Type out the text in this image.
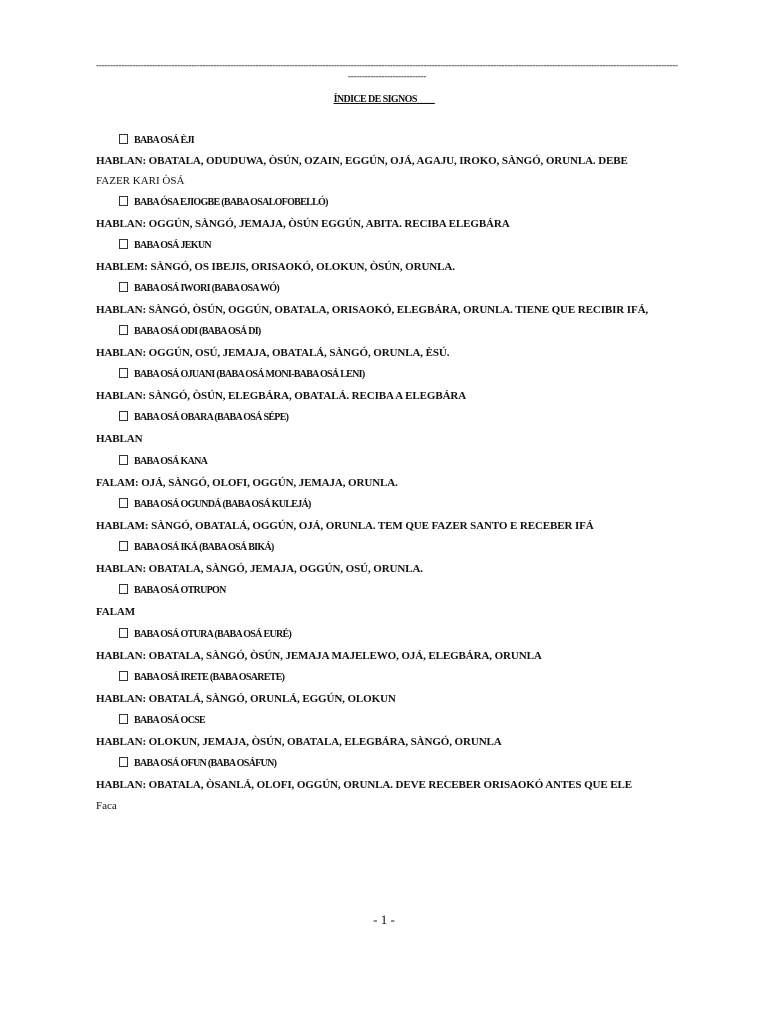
--------------------------------------------------------------------------------------------------------------------------------------------------------------------------------------------------------------------------------------------
ÍNDICE DE SIGNOS____
BABA OSÁ ÈJI
HABLAN: OBATALA, ODUDUWA, ÒSÚN, OZAIN, EGGÚN, OJÁ, AGAJU, IROKO, SÀNGÓ, ORUNLA. DEBE
FAZER KARI ÒSÁ
BABA ÓSA EJIOGBE (BABA OSALOFOBELLÓ)
HABLAN: OGGÚN, SÀNGÓ, JEMAJA, ÒSÚN EGGÚN, ABITA. RECIBA ELEGBÁRA
BABA OSÁ JEKUN
HABLEM: SÀNGÓ, OS IBEJIS, ORISAOKÓ, OLOKUN, ÒSÚN, ORUNLA.
BABA OSÁ IWORI (BABA OSA WÓ)
HABLAN: SÀNGÓ, ÒSÚN, OGGÚN, OBATALA, ORISAOKÓ, ELEGBÁRA, ORUNLA. TIENE QUE RECIBIR IFÁ,
BABA OSÁ ODI (BABA OSÁ DI)
HABLAN: OGGÚN, OSÚ, JEMAJA, OBATALÁ, SÀNGÓ, ORUNLA, ÈSÚ.
BABA OSÁ OJUANI (BABA OSÁ MONI-BABA OSÁ LENI)
HABLAN: SÀNGÓ, ÒSÚN, ELEGBÁRA, OBATALÁ. RECIBA A ELEGBÁRA
BABA OSÁ OBARA (BABA OSÁ SÉPE)
HABLAN
BABA OSÁ KANA
FALAM: OJÁ, SÀNGÓ, OLOFI, OGGÚN, JEMAJA, ORUNLA.
BABA OSÁ OGUNDÁ (BABA OSÁ KULEJÁ)
HABLAM: SÀNGÓ, OBATALÁ, OGGÚN, OJÁ, ORUNLA. TEM QUE FAZER SANTO E RECEBER IFÁ
BABA OSÁ IKÁ (BABA OSÁ BIKÁ)
HABLAN: OBATALA, SÀNGÓ, JEMAJA, OGGÚN, OSÚ, ORUNLA.
BABA OSÁ OTRUPON
FALAM
BABA OSÁ OTURA (BABA OSÁ EURÉ)
HABLAN: OBATALA, SÀNGÓ, ÒSÚN, JEMAJA MAJELEWO, OJÁ, ELEGBÁRA, ORUNLA
BABA OSÁ IRETE (BABA OSARETE)
HABLAN: OBATALÁ, SÀNGÓ, ORUNLÁ, EGGÚN, OLOKUN
BABA OSÁ OCSE
HABLAN: OLOKUN, JEMAJA, ÒSÚN, OBATALA, ELEGBÁRA, SÀNGÓ, ORUNLA
BABA OSÁ OFUN (BABA OSÁFUN)
HABLAN: OBATALA, ÒSANLÁ, OLOFI, OGGÚN, ORUNLA. DEVE RECEBER ORISAOKÓ ANTES QUE ELE
Faca
- 1 -
